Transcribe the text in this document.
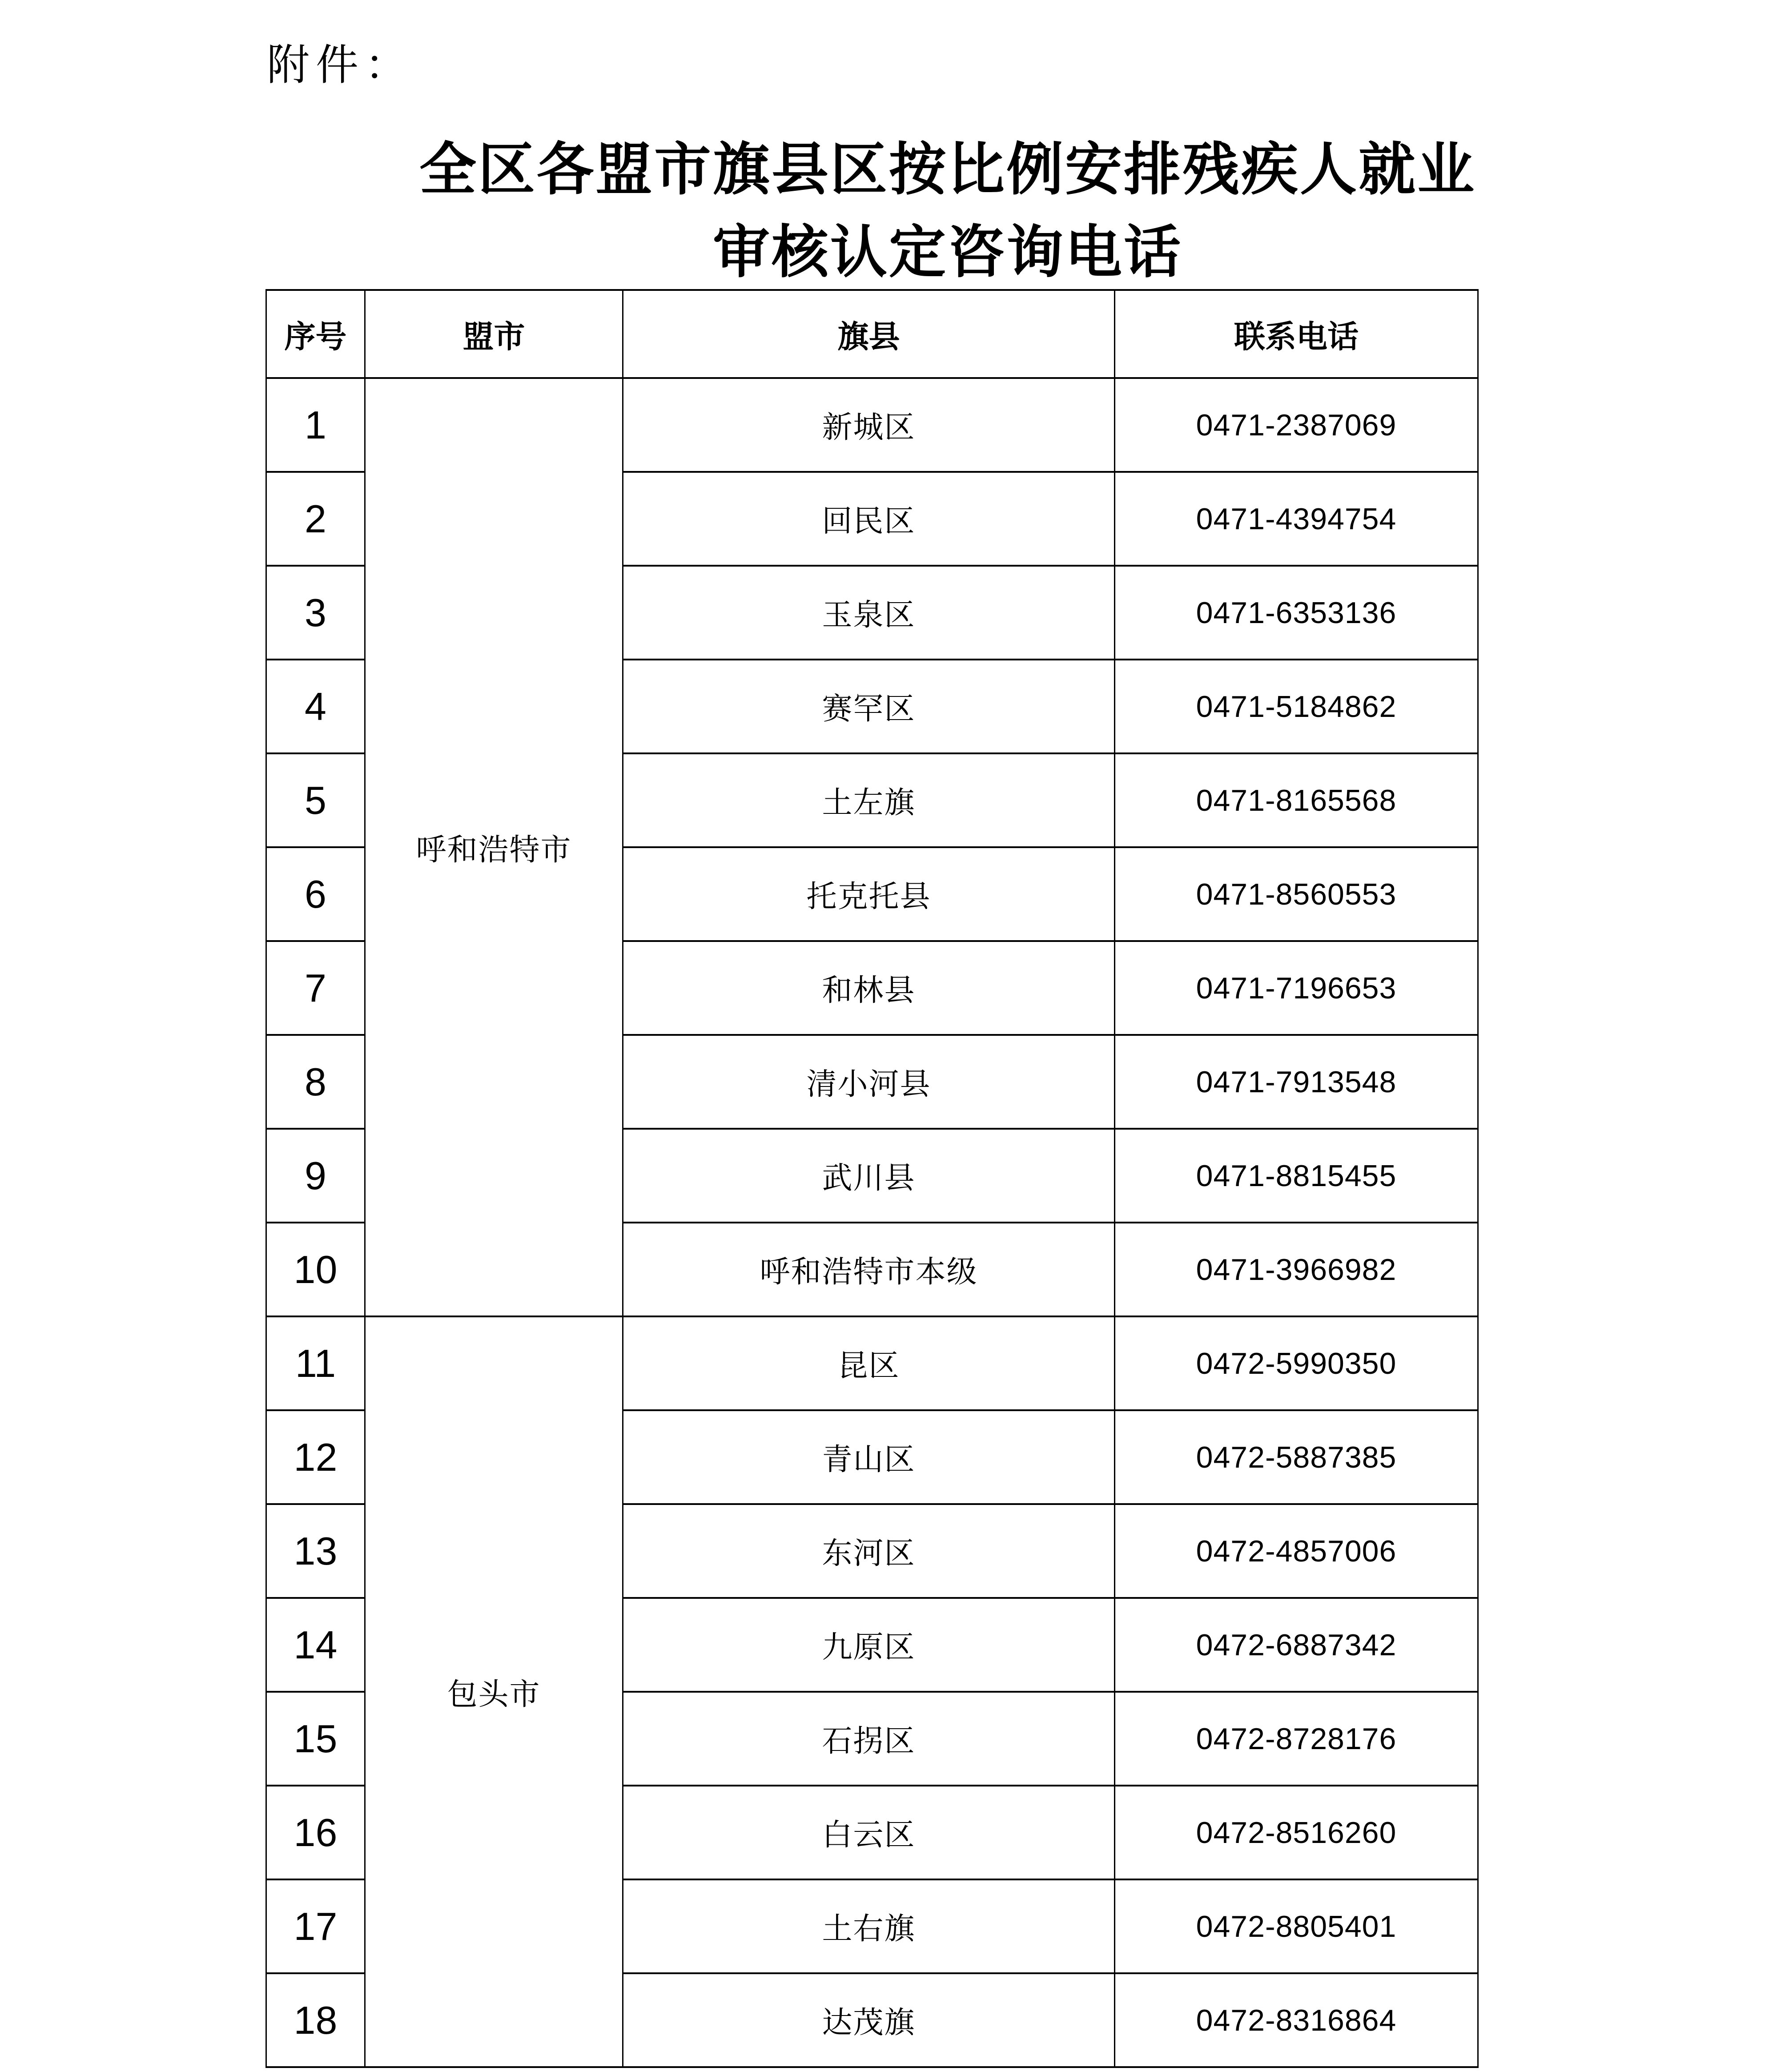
附件：
全区各盟市旗县区按比例安排残疾人就业
审核认定咨询电话
序号	盟市	旗县	联系电话
1	呼和浩特市	新城区	0471-2387069
2		回民区	0471-4394754
3		玉泉区	0471-6353136
4		赛罕区	0471-5184862
5		土左旗	0471-8165568
6		托克托县	0471-8560553
7		和林县	0471-7196653
8		清小河县	0471-7913548
9		武川县	0471-8815455
10		呼和浩特市本级	0471-3966982
11	包头市	昆区	0472-5990350
12		青山区	0472-5887385
13		东河区	0472-4857006
14		九原区	0472-6887342
15		石拐区	0472-8728176
16		白云区	0472-8516260
17		土右旗	0472-8805401
18		达茂旗	0472-8316864
